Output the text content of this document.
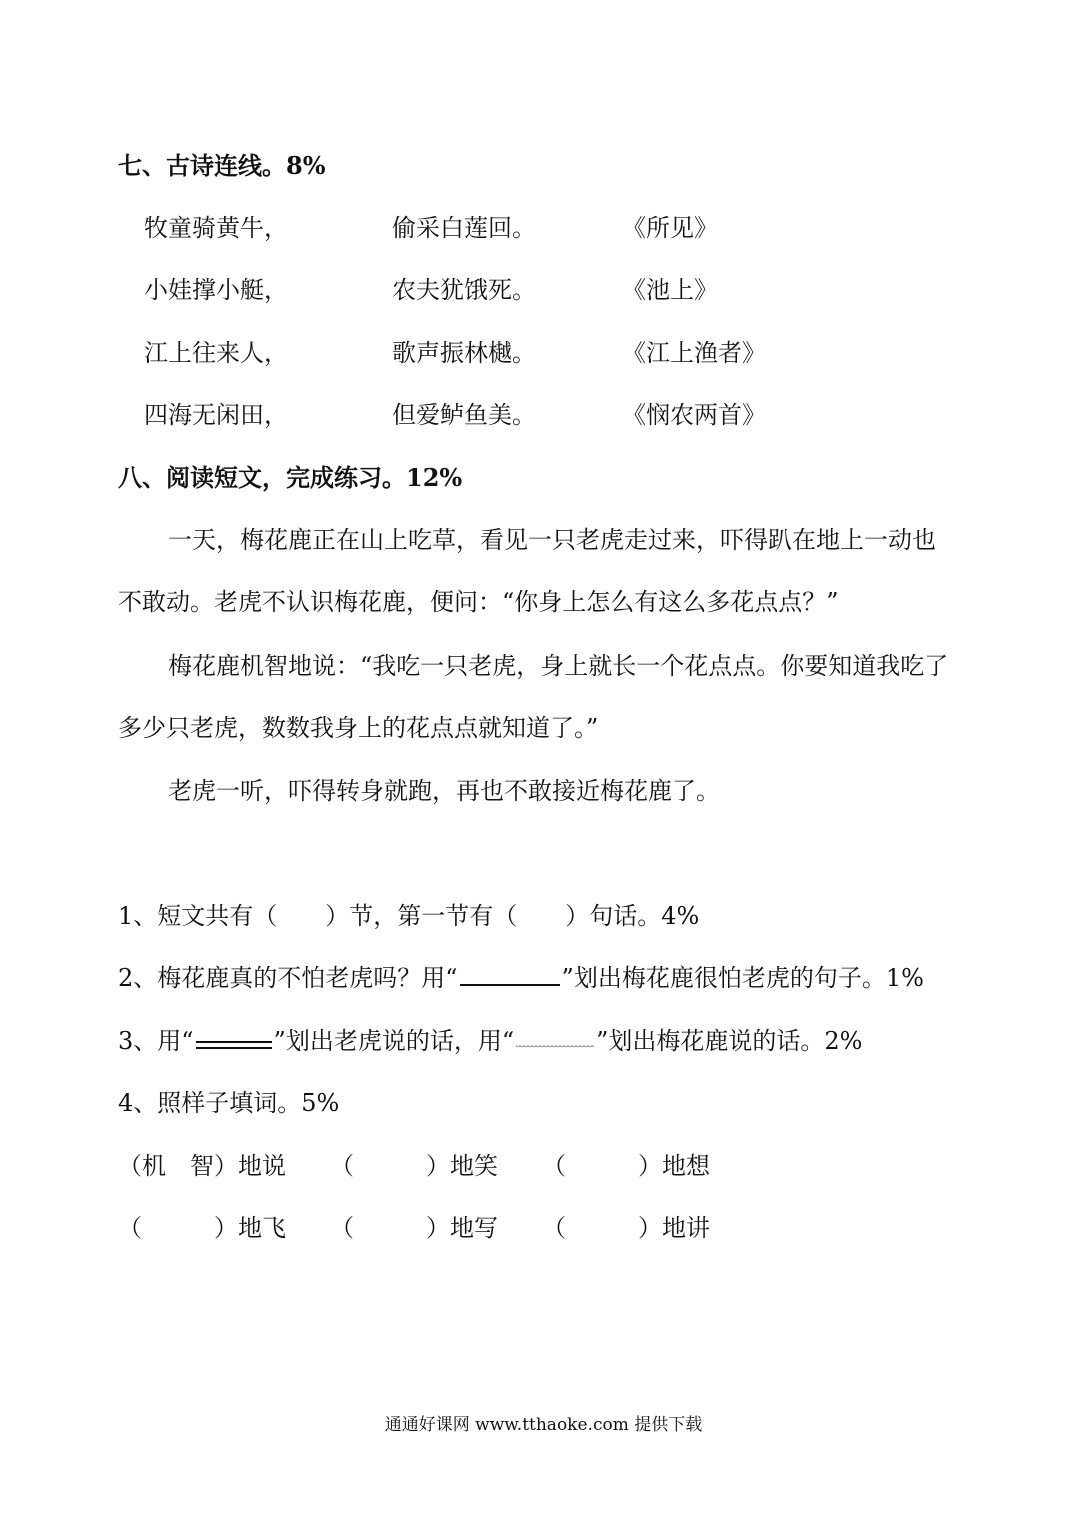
七、古诗连线。8%
牧童骑黄牛，	偷采白莲回。	《所见》
小娃撑小艇，	农夫犹饿死。	《池上》
江上往来人，	歌声振林樾。	《江上渔者》
四海无闲田，	但爱鲈鱼美。	《悯农两首》
八、阅读短文，完成练习。12%
一天，梅花鹿正在山上吃草，看见一只老虎走过来，吓得趴在地上一动也
不敢动。老虎不认识梅花鹿，便问：“你身上怎么有这么多花点点？”
梅花鹿机智地说：“我吃一只老虎，身上就长一个花点点。你要知道我吃了
多少只老虎，数数我身上的花点点就知道了。”
老虎一听，吓得转身就跑，再也不敢接近梅花鹿了。
1、短文共有（　　）节，第一节有（　　）句话。4%
2、梅花鹿真的不怕老虎吗？用“	”划出梅花鹿很怕老虎的句子。1%
3、用“	”划出老虎说的话，用“	”划出梅花鹿说的话。2%
4、照样子填词。5%
（机　智）地说 （　　　）地笑 （　　　）地想
（　　　）地飞 （　　　）地写 （　　　）地讲
通通好课网 www.tthaoke.com 提供下载
